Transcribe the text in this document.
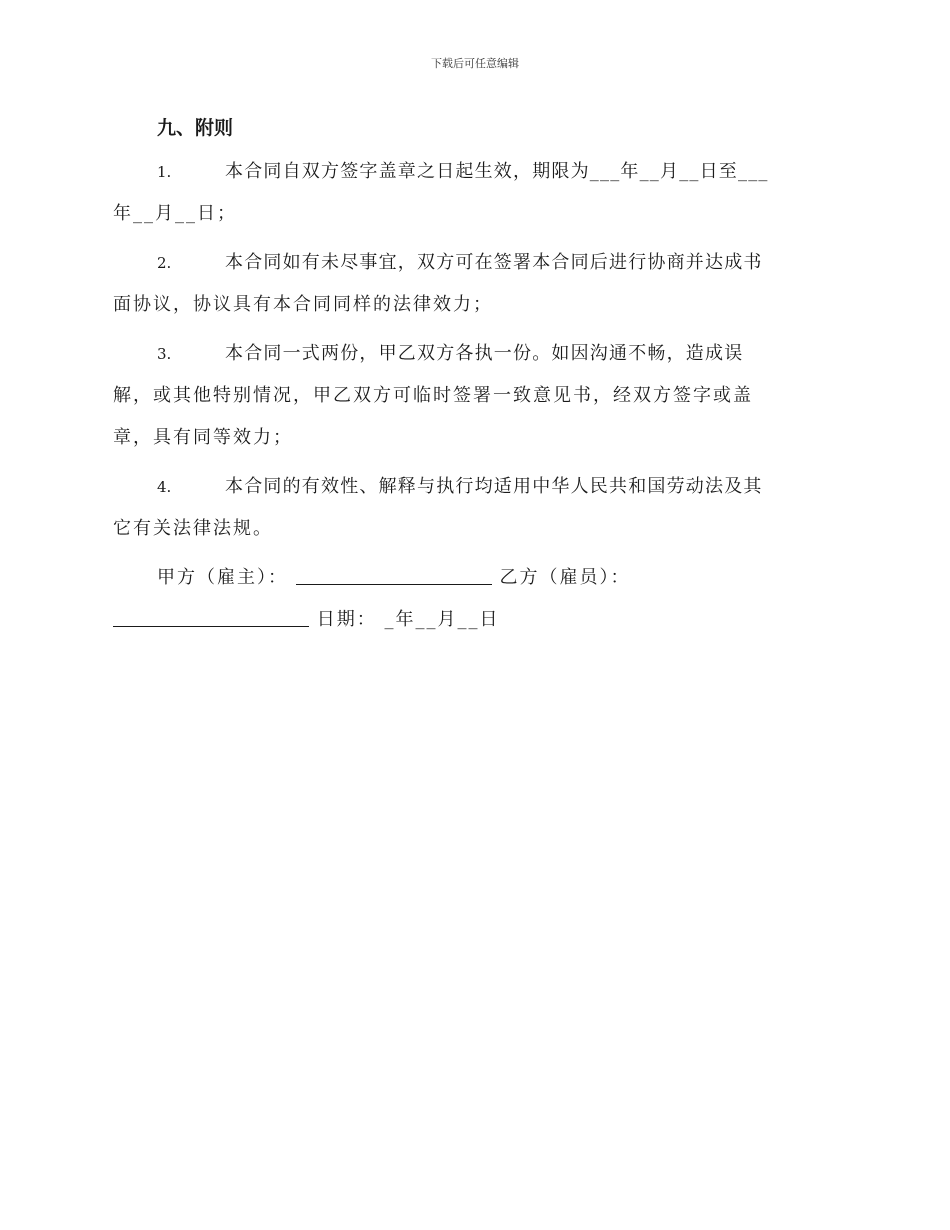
下载后可任意编辑
九、附则
1.	本合同自双方签字盖章之日起生效，期限为___年__月__日至___
年__月__日；
2.	本合同如有未尽事宜，双方可在签署本合同后进行协商并达成书
面协议，协议具有本合同同样的法律效力；
3.	本合同一式两份，甲乙双方各执一份。如因沟通不畅，造成误
解，或其他特别情况，甲乙双方可临时签署一致意见书，经双方签字或盖
章，具有同等效力；
4.	本合同的有效性、解释与执行均适用中华人民共和国劳动法及其
它有关法律法规。
甲方（雇主）：	乙方（雇员）：
日期： _年__月__日
